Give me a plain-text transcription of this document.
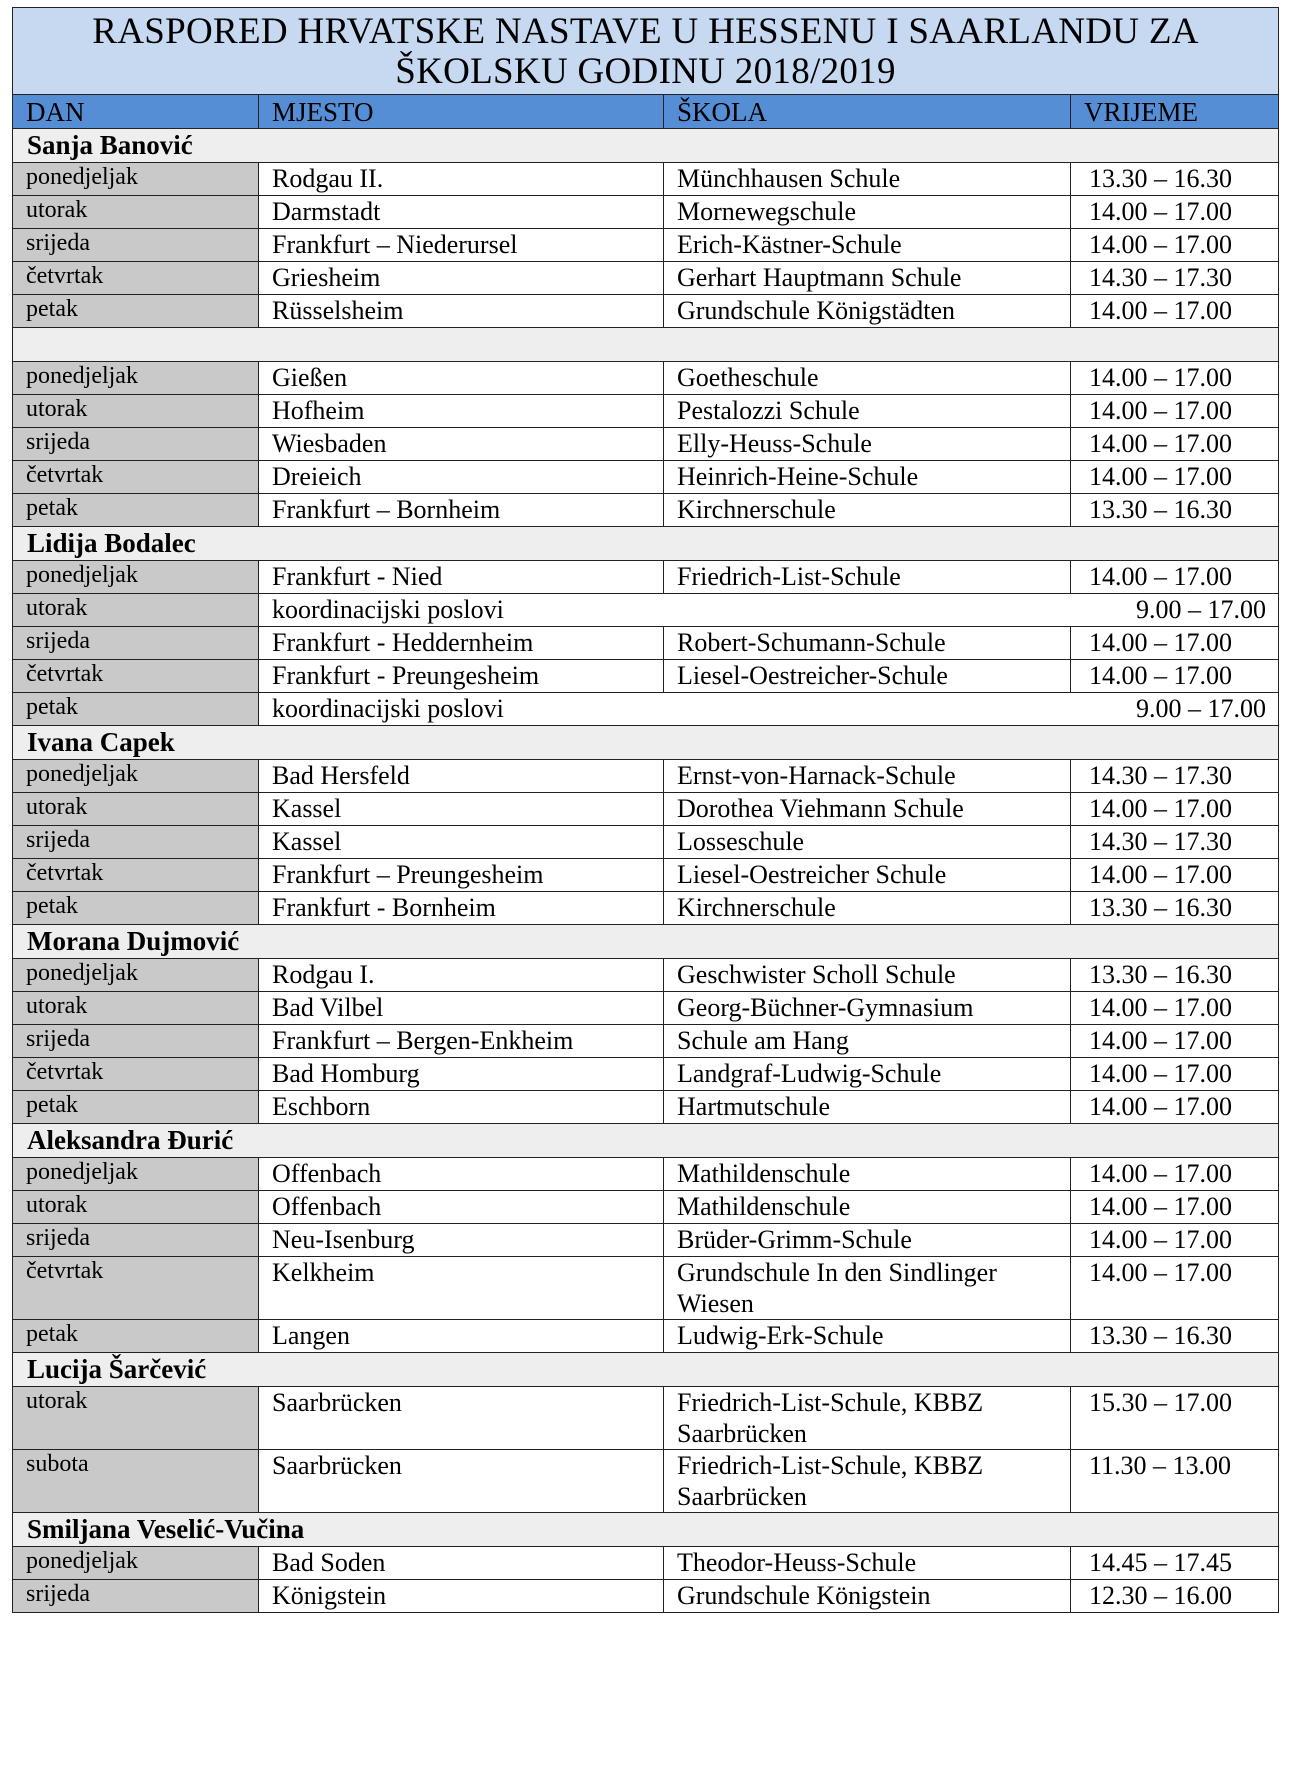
RASPORED HRVATSKE NASTAVE U HESSENU I SAARLANDU ZA ŠKOLSKU GODINU 2018/2019			
DAN	MJESTO	ŠKOLA	VRIJEME
Sanja Banović			
ponedjeljak	Rodgau II.	Münchhausen Schule	13.30 – 16.30
utorak	Darmstadt	Mornewegschule	14.00 – 17.00
srijeda	Frankfurt – Niederursel	Erich-Kästner-Schule	14.00 – 17.00
četvrtak	Griesheim	Gerhart Hauptmann Schule	14.30 – 17.30
petak	Rüsselsheim	Grundschule Königstädten	14.00 – 17.00

ponedjeljak	Gießen	Goetheschule	14.00 – 17.00
utorak	Hofheim	Pestalozzi Schule	14.00 – 17.00
srijeda	Wiesbaden	Elly-Heuss-Schule	14.00 – 17.00
četvrtak	Dreieich	Heinrich-Heine-Schule	14.00 – 17.00
petak	Frankfurt – Bornheim	Kirchnerschule	13.30 – 16.30
Lidija Bodalec			
ponedjeljak	Frankfurt - Nied	Friedrich-List-Schule	14.00 – 17.00
utorak	koordinacijski poslovi		9.00 – 17.00
srijeda	Frankfurt - Heddernheim	Robert-Schumann-Schule	14.00 – 17.00
četvrtak	Frankfurt - Preungesheim	Liesel-Oestreicher-Schule	14.00 – 17.00
petak	koordinacijski poslovi		9.00 – 17.00
Ivana Capek			
ponedjeljak	Bad Hersfeld	Ernst-von-Harnack-Schule	14.30 – 17.30
utorak	Kassel	Dorothea Viehmann Schule	14.00 – 17.00
srijeda	Kassel	Losseschule	14.30 – 17.30
četvrtak	Frankfurt – Preungesheim	Liesel-Oestreicher Schule	14.00 – 17.00
petak	Frankfurt - Bornheim	Kirchnerschule	13.30 – 16.30
Morana Dujmović			
ponedjeljak	Rodgau I.	Geschwister Scholl Schule	13.30 – 16.30
utorak	Bad Vilbel	Georg-Büchner-Gymnasium	14.00 – 17.00
srijeda	Frankfurt – Bergen-Enkheim	Schule am Hang	14.00 – 17.00
četvrtak	Bad Homburg	Landgraf-Ludwig-Schule	14.00 – 17.00
petak	Eschborn	Hartmutschule	14.00 – 17.00
Aleksandra Đurić			
ponedjeljak	Offenbach	Mathildenschule	14.00 – 17.00
utorak	Offenbach	Mathildenschule	14.00 – 17.00
srijeda	Neu-Isenburg	Brüder-Grimm-Schule	14.00 – 17.00
četvrtak	Kelkheim	Grundschule In den Sindlinger Wiesen	14.00 – 17.00
petak	Langen	Ludwig-Erk-Schule	13.30 – 16.30
Lucija Šarčević			
utorak	Saarbrücken	Friedrich-List-Schule, KBBZ Saarbrücken	15.30 – 17.00
subota	Saarbrücken	Friedrich-List-Schule, KBBZ Saarbrücken	11.30 – 13.00
Smiljana Veselić-Vučina			
ponedjeljak	Bad Soden	Theodor-Heuss-Schule	14.45 – 17.45
srijeda	Königstein	Grundschule Königstein	12.30 – 16.00
